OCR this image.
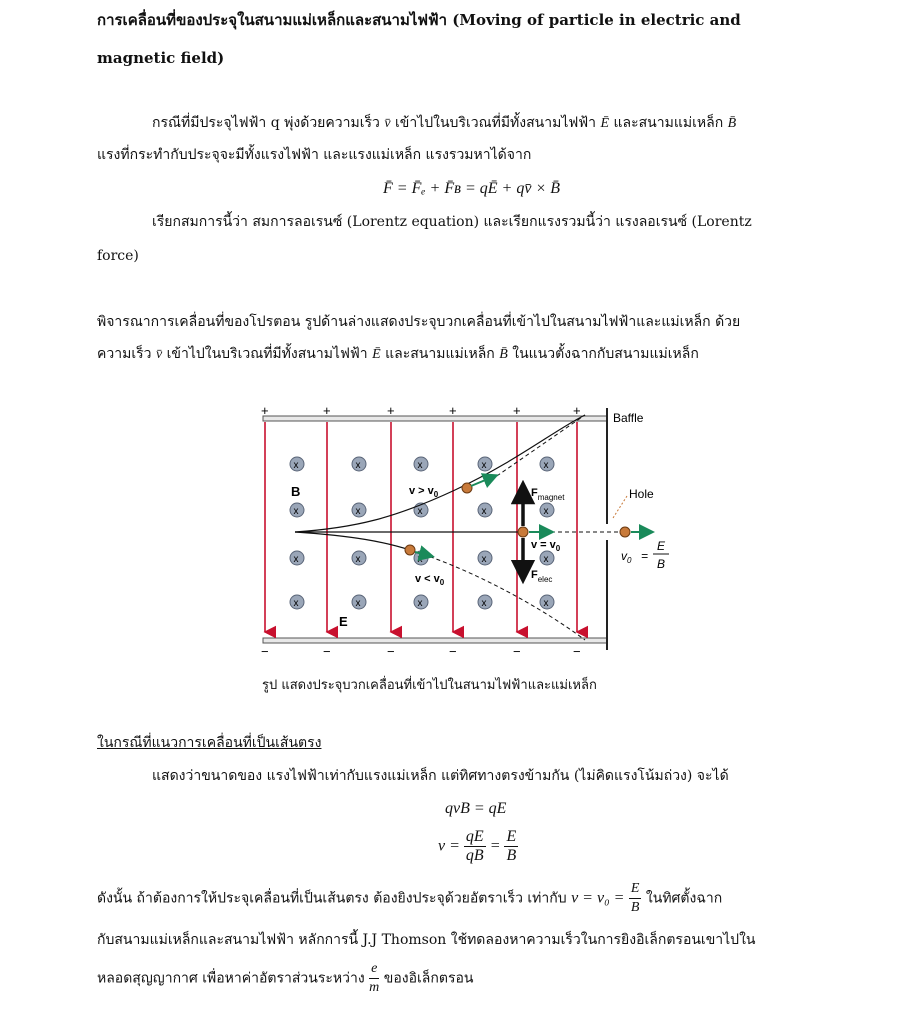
การเคลื่อนที่ของประจุในสนามแม่เหล็กและสนามไฟฟ้า (Moving of particle in electric and
magnetic field)
กรณีที่มีประจุไฟฟ้า q พุ่งด้วยความเร็ว v̄ เข้าไปในบริเวณที่มีทั้งสนามไฟฟ้า Ē และสนามแม่เหล็ก B̄
แรงที่กระทำกับประจุจะมีทั้งแรงไฟฟ้า และแรงแม่เหล็ก แรงรวมหาได้จาก
F̄ = F̄ₑ + F̄ʙ = qĒ + qv̄ × B̄
เรียกสมการนี้ว่า สมการลอเรนซ์ (Lorentz equation) และเรียกแรงรวมนี้ว่า แรงลอเรนซ์ (Lorentz
force)
พิจารณาการเคลื่อนที่ของโปรตอน รูปด้านล่างแสดงประจุบวกเคลื่อนที่เข้าไปในสนามไฟฟ้าและแม่เหล็ก ด้วย
ความเร็ว v̄ เข้าไปในบริเวณที่มีทั้งสนามไฟฟ้า Ē และสนามแม่เหล็ก B̄ ในแนวตั้งฉากกับสนามแม่เหล็ก
+
−
+
−
+
−
+
−
+
−
+
−
x
x
x
x
x
x
x
x
x
x
x
x
x
x
x
x
x
x
x
x
Baffle
Hole
B
E
$v > v_0$
$v = v_0$
$v < v_0$
$F_{magnet}$
$F_{elec}$
$v_0$ =
E
B
รูป แสดงประจุบวกเคลื่อนที่เข้าไปในสนามไฟฟ้าและแม่เหล็ก
ในกรณีที่แนวการเคลื่อนที่เป็นเส้นตรง
แสดงว่าขนาดของ แรงไฟฟ้าเท่ากับแรงแม่เหล็ก แต่ทิศทางตรงข้ามกัน (ไม่คิดแรงโน้มถ่วง) จะได้
qvB = qE
$v = \frac{qE}{qB} = \frac{E}{B}$
ดังนั้น ถ้าต้องการให้ประจุเคลื่อนที่เป็นเส้นตรง ต้องยิงประจุด้วยอัตราเร็ว เท่ากับ $v = v_0 = \frac{E}{B}$ ในทิศตั้งฉาก
กับสนามแม่เหล็กและสนามไฟฟ้า หลักการนี้ J.J Thomson ใช้ทดลองหาความเร็วในการยิงอิเล็กตรอนเขาไปใน
หลอดสุญญากาศ เพื่อหาค่าอัตราส่วนระหว่าง $\frac{e}{m}$ ของอิเล็กตรอน
